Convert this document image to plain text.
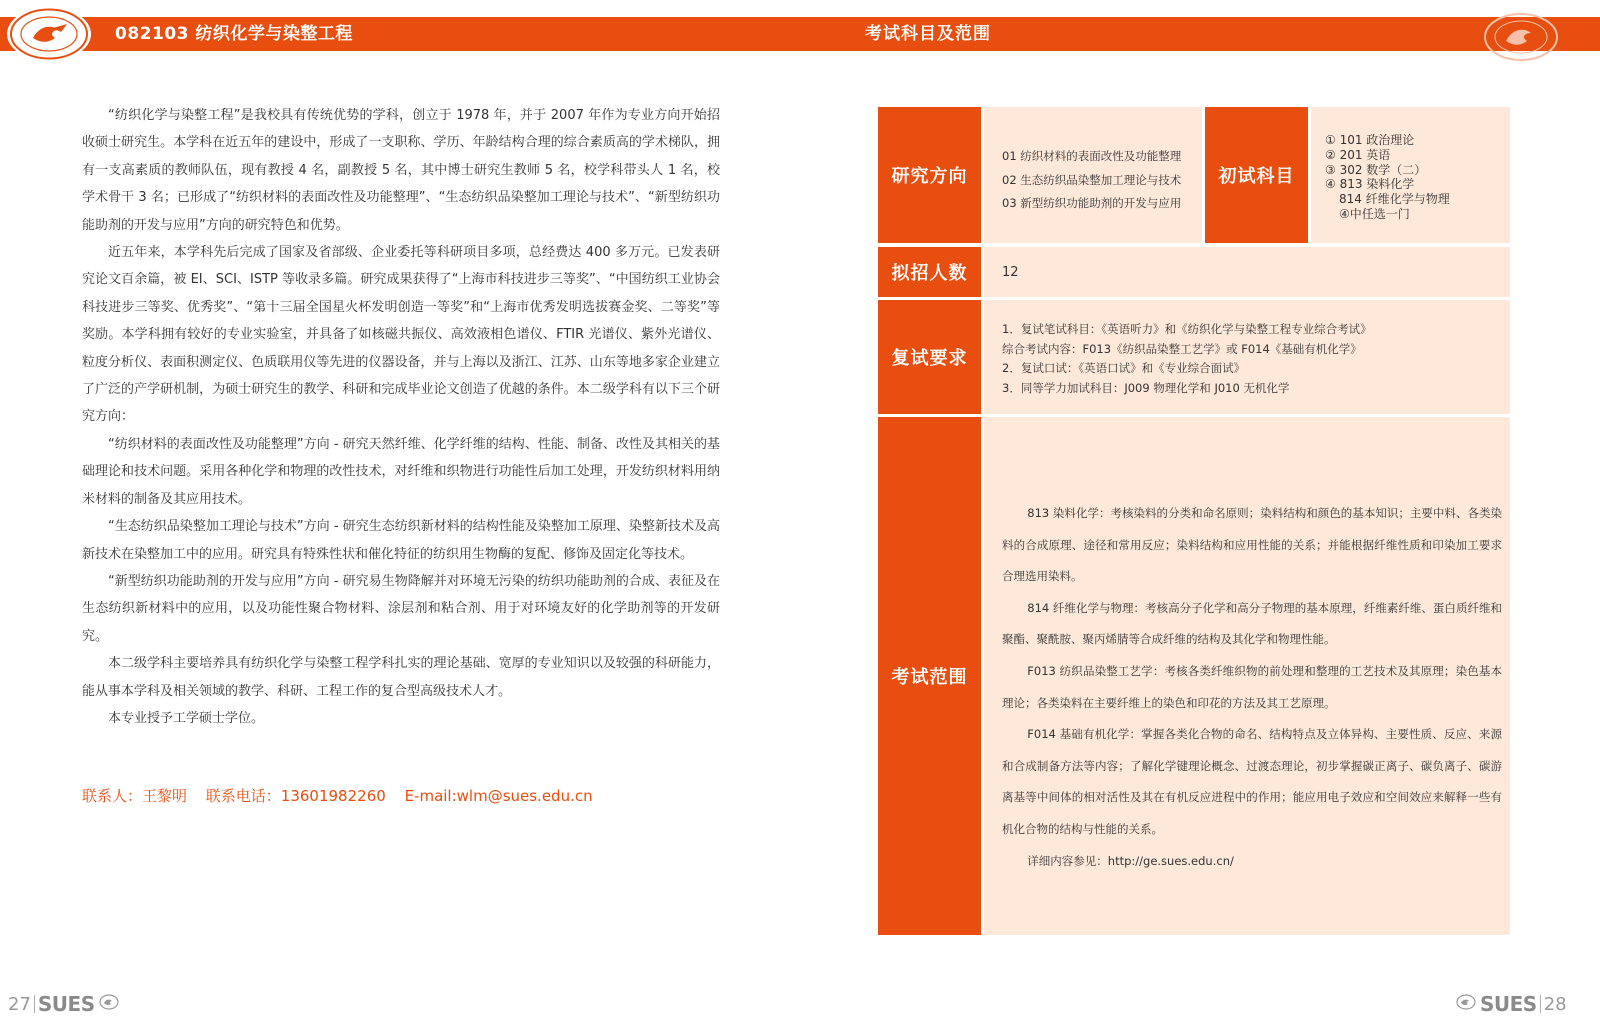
082103 纺织化学与染整工程	考试科目及范围

“纺织化学与染整工程”是我校具有传统优势的学科，创立于 1978 年，并于 2007 年作为专业方向开始招收硕士研究生。本学科在近五年的建设中，形成了一支职称、学历、年龄结构合理的综合素质高的学术梯队，拥有一支高素质的教师队伍，现有教授 4 名，副教授 5 名，其中博士研究生教师 5 名，校学科带头人 1 名，校学术骨干 3 名；已形成了“纺织材料的表面改性及功能整理”、“生态纺织品染整加工理论与技术”、“新型纺织功能助剂的开发与应用”方向的研究特色和优势。

近五年来，本学科先后完成了国家及省部级、企业委托等科研项目多项，总经费达 400 多万元。已发表研究论文百余篇，被 EI、SCI、ISTP 等收录多篇。研究成果获得了“上海市科技进步三等奖”、“中国纺织工业协会科技进步三等奖、优秀奖”、“第十三届全国星火杯发明创造一等奖”和“上海市优秀发明选拔赛金奖、二等奖”等奖励。本学科拥有较好的专业实验室，并具备了如核磁共振仪、高效液相色谱仪、FTIR 光谱仪、紫外光谱仪、粒度分析仪、表面积测定仪、色质联用仪等先进的仪器设备，并与上海以及浙江、江苏、山东等地多家企业建立了广泛的产学研机制，为硕士研究生的教学、科研和完成毕业论文创造了优越的条件。本二级学科有以下三个研究方向：

“纺织材料的表面改性及功能整理”方向 - 研究天然纤维、化学纤维的结构、性能、制备、改性及其相关的基础理论和技术问题。采用各种化学和物理的改性技术，对纤维和织物进行功能性后加工处理，开发纺织材料用纳米材料的制备及其应用技术。

“生态纺织品染整加工理论与技术”方向 - 研究生态纺织新材料的结构性能及染整加工原理、染整新技术及高新技术在染整加工中的应用。研究具有特殊性状和催化特征的纺织用生物酶的复配、修饰及固定化等技术。

“新型纺织功能助剂的开发与应用”方向 - 研究易生物降解并对环境无污染的纺织功能助剂的合成、表征及在生态纺织新材料中的应用，以及功能性聚合物材料、涂层剂和粘合剂、用于对环境友好的化学助剂等的开发研究。

本二级学科主要培养具有纺织化学与染整工程学科扎实的理论基础、宽厚的专业知识以及较强的科研能力，能从事本学科及相关领域的教学、科研、工程工作的复合型高级技术人才。

本专业授予工学硕士学位。

联系人：王黎明 联系电话：13601982260 E-mail:wlm@sues.edu.cn
研究方向
01 纺织材料的表面改性及功能整理
02 生态纺织品染整加工理论与技术
03 新型纺织功能助剂的开发与应用
初试科目
① 101 政治理论
② 201 英语
③ 302 数学（二）
④ 813 染料化学
814 纤维化学与物理
④中任选一门
拟招人数	12
复试要求
1．复试笔试科目：《英语听力》和《纺织化学与染整工程专业综合考试》
综合考试内容：F013《纺织品染整工艺学》或 F014《基础有机化学》
2．复试口试：《英语口试》和《专业综合面试》
3．同等学力加试科目：J009 物理化学和 J010 无机化学
考试范围

813 染料化学：考核染料的分类和命名原则；染料结构和颜色的基本知识；主要中料、各类染料的合成原理、途径和常用反应；染料结构和应用性能的关系；并能根据纤维性质和印染加工要求合理选用染料。

814 纤维化学与物理：考核高分子化学和高分子物理的基本原理，纤维素纤维、蛋白质纤维和聚酯、聚酰胺、聚丙烯腈等合成纤维的结构及其化学和物理性能。

F013 纺织品染整工艺学：考核各类纤维织物的前处理和整理的工艺技术及其原理；染色基本理论；各类染料在主要纤维上的染色和印花的方法及其工艺原理。

F014 基础有机化学：掌握各类化合物的命名、结构特点及立体异构、主要性质、反应、来源和合成制备方法等内容；了解化学键理论概念、过渡态理论，初步掌握碳正离子、碳负离子、碳游离基等中间体的相对活性及其在有机反应进程中的作用；能应用电子效应和空间效应来解释一些有机化合物的结构与性能的关系。

详细内容参见：http://ge.sues.edu.cn/

27 SUES	SUES 28
